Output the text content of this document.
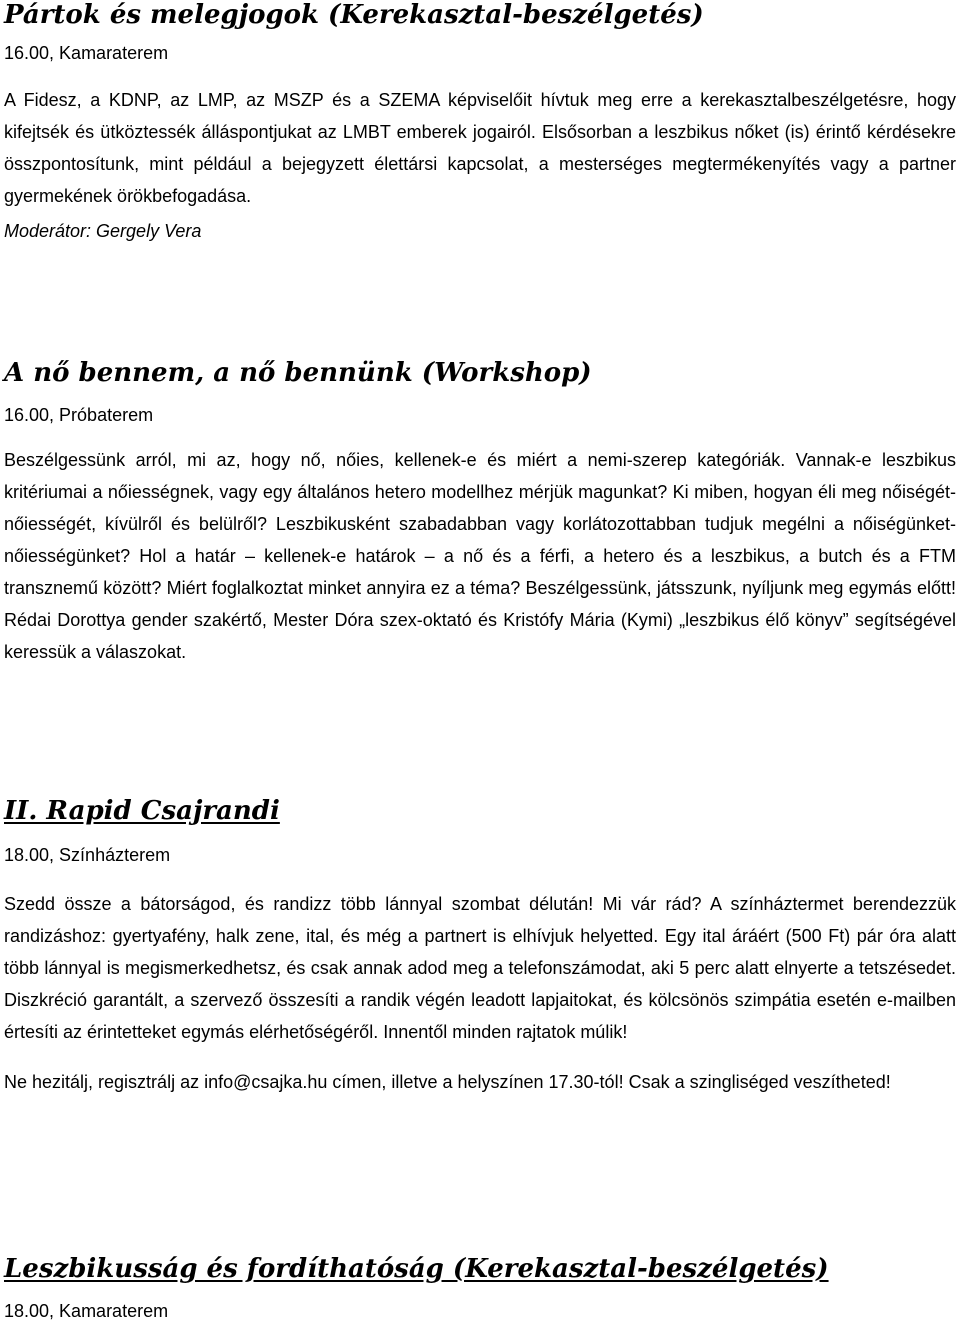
Pártok és melegjogok (Kerekasztal-beszélgetés)
16.00, Kamaraterem

A Fidesz, a KDNP, az LMP, az MSZP és a SZEMA képviselőit hívtuk meg erre a kerekasztalbeszélgetésre, hogy kifejtsék és ütköztessék álláspontjukat az LMBT emberek jogairól. Elsősorban a leszbikus nőket (is) érintő kérdésekre összpontosítunk, mint például a bejegyzett élettársi kapcsolat, a mesterséges megtermékenyítés vagy a partner gyermekének örökbefogadása.

Moderátor: Gergely Vera
A nő bennem, a nő bennünk (Workshop)
16.00, Próbaterem

Beszélgessünk arról, mi az, hogy nő, nőies, kellenek-e és miért a nemi-szerep kategóriák. Vannak-e leszbikus kritériumai a nőiességnek, vagy egy általános hetero modellhez mérjük magunkat? Ki miben, hogyan éli meg nőiségét-nőiességét, kívülről és belülről? Leszbikusként szabadabban vagy korlátozottabban tudjuk megélni a nőiségünket-nőiességünket? Hol a határ – kellenek-e határok – a nő és a férfi, a hetero és a leszbikus, a butch és a FTM transznemű között? Miért foglalkoztat minket annyira ez a téma? Beszélgessünk, játsszunk, nyíljunk meg egymás előtt! Rédai Dorottya gender szakértő, Mester Dóra szex-oktató és Kristófy Mária (Kymi) „leszbikus élő könyv” segítségével keressük a válaszokat.

II. Rapid Csajrandi
18.00, Színházterem

Szedd össze a bátorságod, és randizz több lánnyal szombat délután! Mi vár rád? A színháztermet berendezzük randizáshoz: gyertyafény, halk zene, ital, és még a partnert is elhívjuk helyetted. Egy ital áráért (500 Ft) pár óra alatt több lánnyal is megismerkedhetsz, és csak annak adod meg a telefonszámodat, aki 5 perc alatt elnyerte a tetszésedet. Diszkréció garantált, a szervező összesíti a randik végén leadott lapjaitokat, és kölcsönös szimpátia esetén e-mailben értesíti az érintetteket egymás elérhetőségéről. Innentől minden rajtatok múlik!

Ne hezitálj, regisztrálj az info@csajka.hu címen, illetve a helyszínen 17.30-tól! Csak a szingliséged veszítheted!

Leszbikusság és fordíthatóság (Kerekasztal-beszélgetés)
18.00, Kamaraterem
